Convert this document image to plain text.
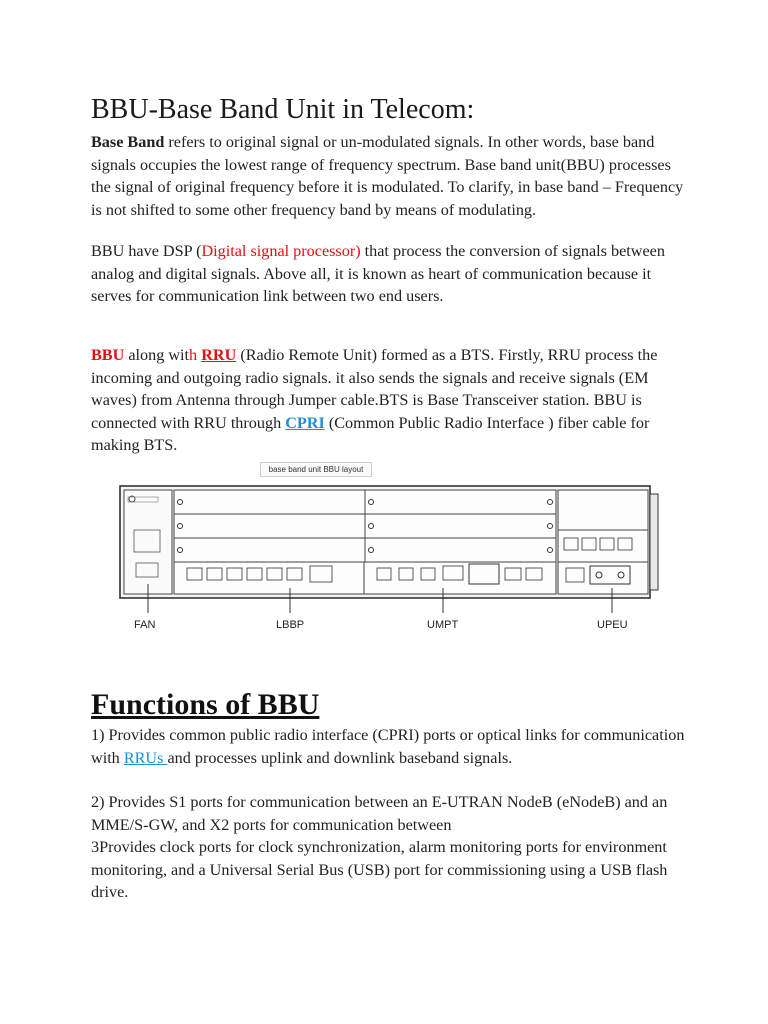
BBU-Base Band Unit in Telecom:

Base Band refers to original signal or un-modulated signals. In other words, base band signals occupies the lowest range of frequency spectrum. Base band unit(BBU) processes the signal of original frequency before it is modulated. To clarify, in base band – Frequency is not shifted to some other frequency band by means of modulating.

BBU have DSP (Digital signal processor) that process the conversion of signals between analog and digital signals. Above all, it is known as heart of communication because it serves for communication link between two end users.

BBU along with RRU (Radio Remote Unit) formed as a BTS. Firstly, RRU process the incoming and outgoing radio signals. it also sends the signals and receive signals (EM waves) from Antenna through Jumper cable.BTS is Base Transceiver station. BBU is connected with RRU through CPRI (Common Public Radio Interface ) fiber cable for making BTS.

base band unit BBU layout
FAN	LBBP	UMPT	UPEU
Functions of BBU

1) Provides common public radio interface (CPRI) ports or optical links for communication with RRUs and processes uplink and downlink baseband signals.

2) Provides S1 ports for communication between an E-UTRAN NodeB (eNodeB) and an MME/S-GW, and X2 ports for communication between

3Provides clock ports for clock synchronization, alarm monitoring ports for environment monitoring, and a Universal Serial Bus (USB) port for commissioning using a USB flash drive.
